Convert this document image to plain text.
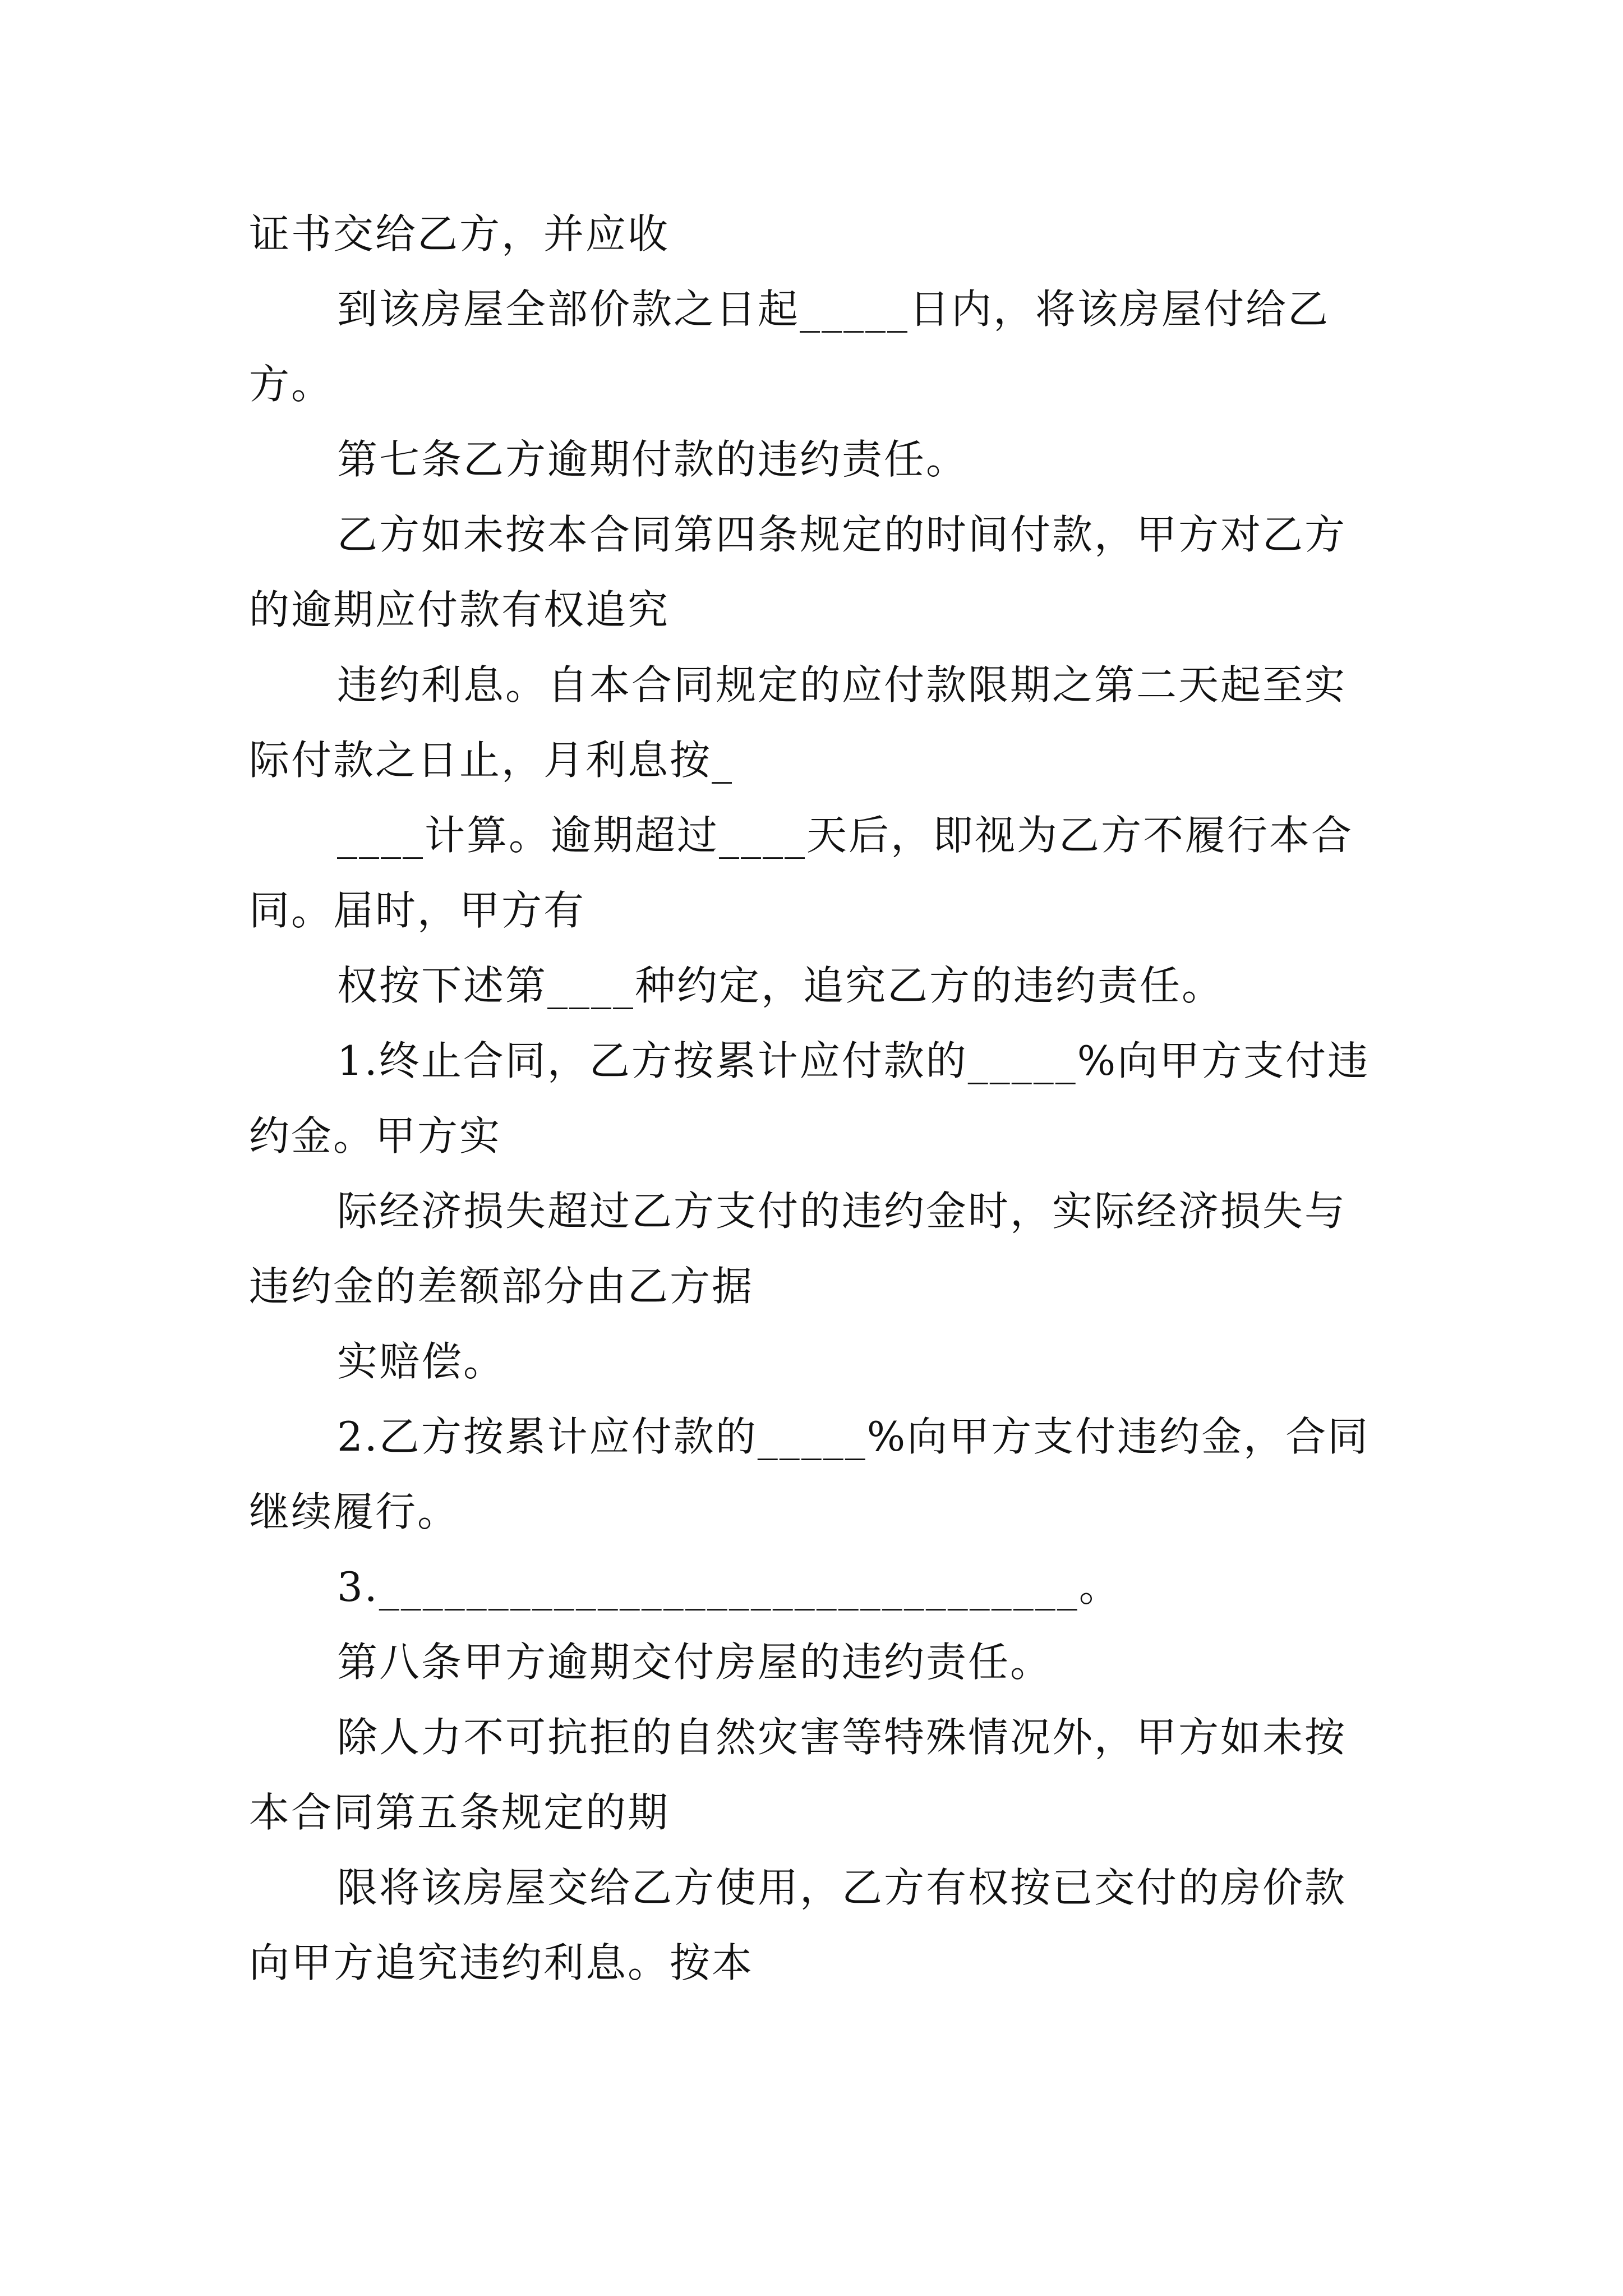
证书交给乙方，并应收
到该房屋全部价款之日起_____日内，将该房屋付给乙
方。
第七条乙方逾期付款的违约责任。
乙方如未按本合同第四条规定的时间付款，甲方对乙方
的逾期应付款有权追究
违约利息。自本合同规定的应付款限期之第二天起至实
际付款之日止，月利息按_
____计算。逾期超过____天后，即视为乙方不履行本合
同。届时，甲方有
权按下述第____种约定，追究乙方的违约责任。
1.终止合同，乙方按累计应付款的_____%向甲方支付违
约金。甲方实
际经济损失超过乙方支付的违约金时，实际经济损失与
违约金的差额部分由乙方据
实赔偿。
2.乙方按累计应付款的_____%向甲方支付违约金，合同
继续履行。
3.________________________________。
第八条甲方逾期交付房屋的违约责任。
除人力不可抗拒的自然灾害等特殊情况外，甲方如未按
本合同第五条规定的期
限将该房屋交给乙方使用，乙方有权按已交付的房价款
向甲方追究违约利息。按本
